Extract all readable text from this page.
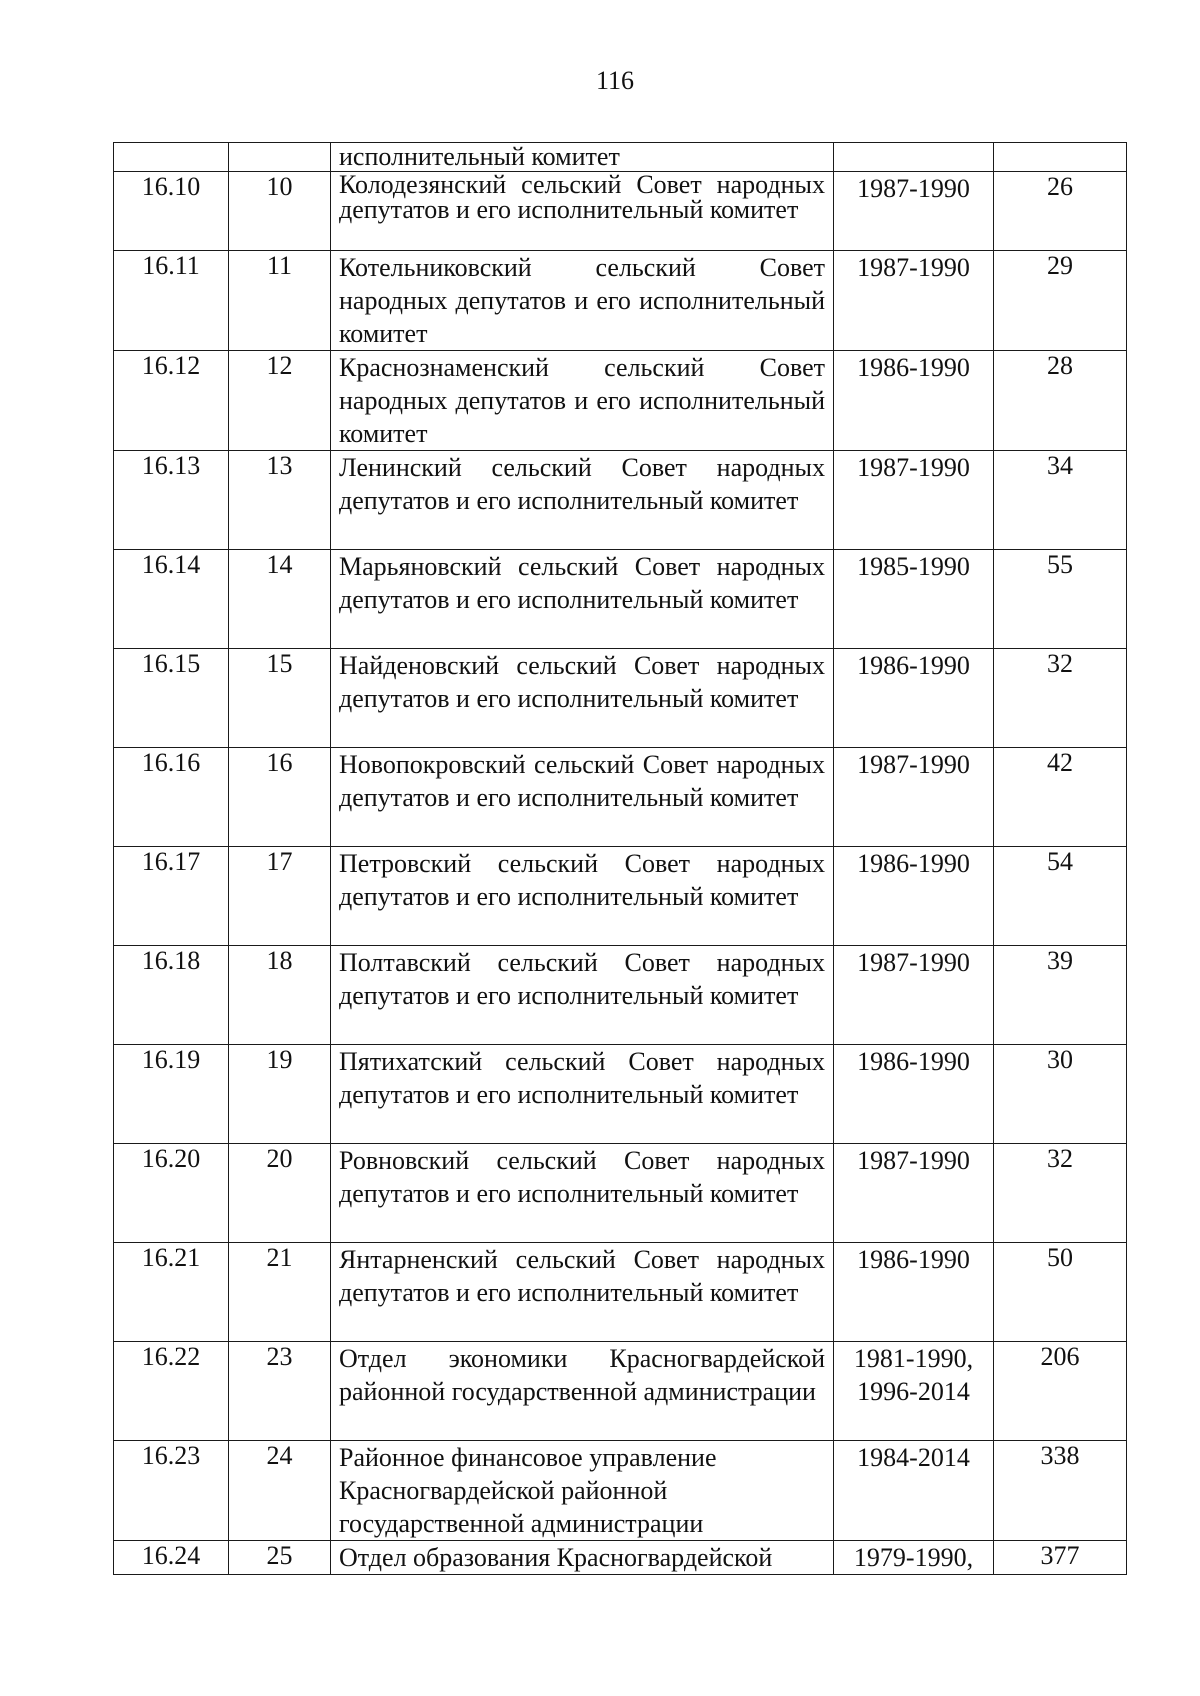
116
		исполнительный комитет		
16.10	10	Колодезянский сельский Совет народных депутатов и его исполнительный комитет	1987-1990	26
16.11	11	Котельниковский сельский Совет народных депутатов и его исполнительный комитет	1987-1990	29
16.12	12	Краснознаменский сельский Совет народных депутатов и его исполнительный комитет	1986-1990	28
16.13	13	Ленинский сельский Совет народных депутатов и его исполнительный комитет	1987-1990	34
16.14	14	Марьяновский сельский Совет народных депутатов и его исполнительный комитет	1985-1990	55
16.15	15	Найденовский сельский Совет народных депутатов и его исполнительный комитет	1986-1990	32
16.16	16	Новопокровский сельский Совет народных депутатов и его исполнительный комитет	1987-1990	42
16.17	17	Петровский сельский Совет народных депутатов и его исполнительный комитет	1986-1990	54
16.18	18	Полтавский сельский Совет народных депутатов и его исполнительный комитет	1987-1990	39
16.19	19	Пятихатский сельский Совет народных депутатов и его исполнительный комитет	1986-1990	30
16.20	20	Ровновский сельский Совет народных депутатов и его исполнительный комитет	1987-1990	32
16.21	21	Янтарненский сельский Совет народных депутатов и его исполнительный комитет	1986-1990	50
16.22	23	Отдел экономики Красногвардейской районной государственной администрации	1981-1990, 1996-2014	206
16.23	24	Районное финансовое управление Красногвардейской районной государственной администрации	1984-2014	338
16.24	25	Отдел образования Красногвардейской	1979-1990,	377
